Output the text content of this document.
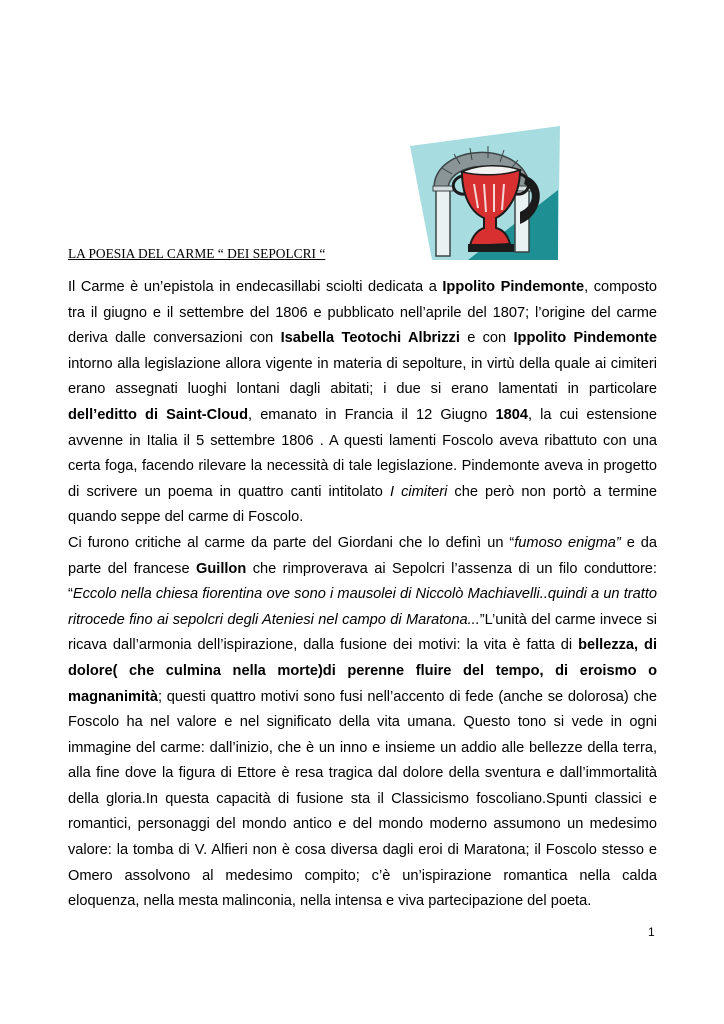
LA POESIA DEL CARME “ DEI SEPOLCRI “

Il Carme è un’epistola in endecasillabi sciolti dedicata a Ippolito Pindemonte, composto tra il giugno e il settembre del 1806 e pubblicato nell’aprile del 1807; l’origine del carme deriva dalle conversazioni con Isabella Teotochi Albrizzi e con Ippolito Pindemonte intorno alla legislazione allora vigente in materia di sepolture, in virtù della quale ai cimiteri erano assegnati luoghi lontani dagli abitati; i due si erano lamentati in particolare dell’editto di Saint-Cloud, emanato in Francia il 12 Giugno 1804, la cui estensione avvenne in Italia il 5 settembre 1806 . A questi lamenti Foscolo aveva ribattuto con una certa foga, facendo rilevare la necessità di tale legislazione. Pindemonte aveva in progetto di scrivere un poema in quattro canti intitolato I cimiteri che però non portò a termine quando seppe del carme di Foscolo.

Ci furono critiche al carme da parte del Giordani che lo definì un “fumoso enigma” e da parte del francese Guillon che rimproverava ai Sepolcri l’assenza di un filo conduttore: “Eccolo nella chiesa fiorentina ove sono i mausolei di Niccolò Machiavelli..quindi a un tratto ritrocede fino ai sepolcri degli Ateniesi nel campo di Maratona...”L’unità del carme invece si ricava dall’armonia dell’ispirazione, dalla fusione dei motivi: la vita è fatta di bellezza, di dolore( che culmina nella morte)di perenne fluire del tempo, di eroismo o magnanimità; questi quattro motivi sono fusi nell’accento di fede (anche se dolorosa) che Foscolo ha nel valore e nel significato della vita umana. Questo tono si vede in ogni immagine del carme: dall’inizio, che è un inno e insieme un addio alle bellezze della terra, alla fine dove la figura di Ettore è resa tragica dal dolore della sventura e dall’immortalità della gloria.In questa capacità di fusione sta il Classicismo foscoliano.Spunti classici e romantici, personaggi del mondo antico e del mondo moderno assumono un medesimo valore: la tomba di V. Alfieri non è cosa diversa dagli eroi di Maratona; il Foscolo stesso e Omero assolvono al medesimo compito; c’è un’ispirazione romantica nella calda eloquenza, nella mesta malinconia, nella intensa e viva partecipazione del poeta.

1
